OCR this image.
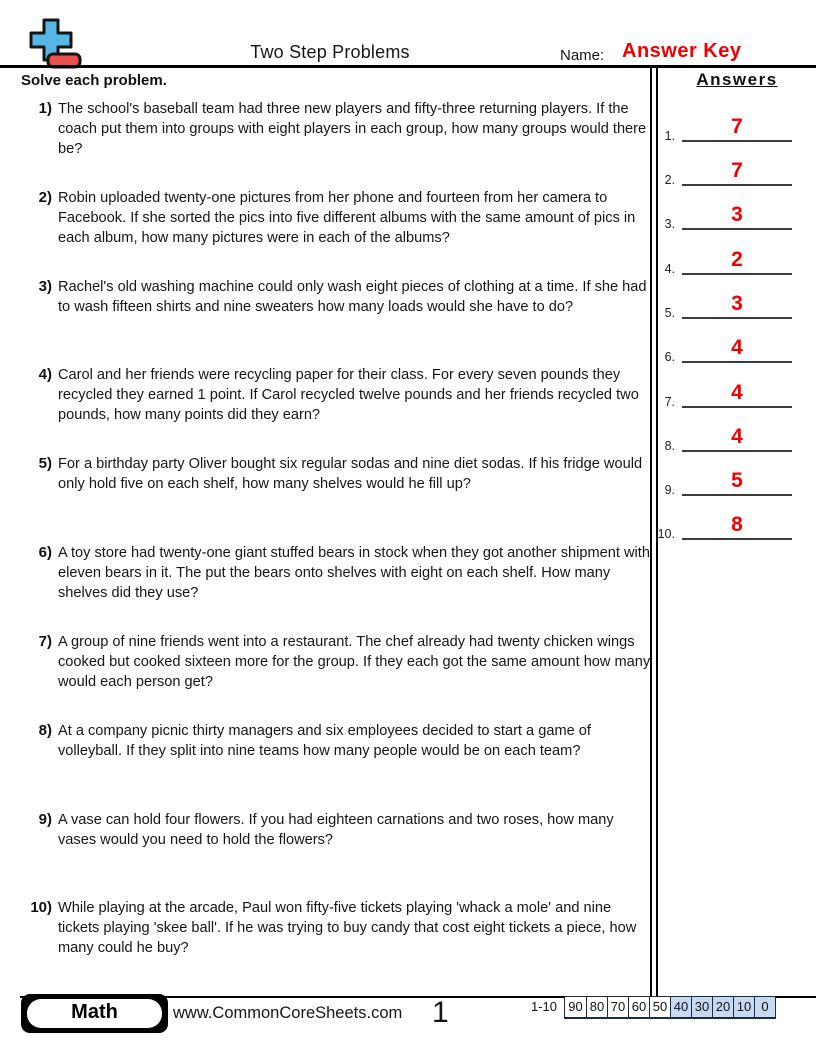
Two Step Problems	Name: Answer Key
Solve each problem.	Answers
1.	7
2.	7
3.	3
4.	2
5.	3
6.	4
7.	4
8.	4
9.	5
10.	8
1) The school's baseball team had three new players and fifty-three returning players. If the coach put them into groups with eight players in each group, how many groups would there be?
2) Robin uploaded twenty-one pictures from her phone and fourteen from her camera to Facebook. If she sorted the pics into five different albums with the same amount of pics in each album, how many pictures were in each of the albums?
3) Rachel's old washing machine could only wash eight pieces of clothing at a time. If she had to wash fifteen shirts and nine sweaters how many loads would she have to do?
4) Carol and her friends were recycling paper for their class. For every seven pounds they recycled they earned 1 point. If Carol recycled twelve pounds and her friends recycled two pounds, how many points did they earn?
5) For a birthday party Oliver bought six regular sodas and nine diet sodas. If his fridge would only hold five on each shelf, how many shelves would he fill up?
6) A toy store had twenty-one giant stuffed bears in stock when they got another shipment with eleven bears in it. The put the bears onto shelves with eight on each shelf. How many shelves did they use?
7) A group of nine friends went into a restaurant. The chef already had twenty chicken wings cooked but cooked sixteen more for the group. If they each got the same amount how many would each person get?
8) At a company picnic thirty managers and six employees decided to start a game of volleyball. If they split into nine teams how many people would be on each team?
9) A vase can hold four flowers. If you had eighteen carnations and two roses, how many vases would you need to hold the flowers?
10) While playing at the arcade, Paul won fifty-five tickets playing 'whack a mole' and nine tickets playing 'skee ball'. If he was trying to buy candy that cost eight tickets a piece, how many could he buy?
Math	www.CommonCoreSheets.com 1	1-10 90 80 70 60 50 40 30 20 10 0
